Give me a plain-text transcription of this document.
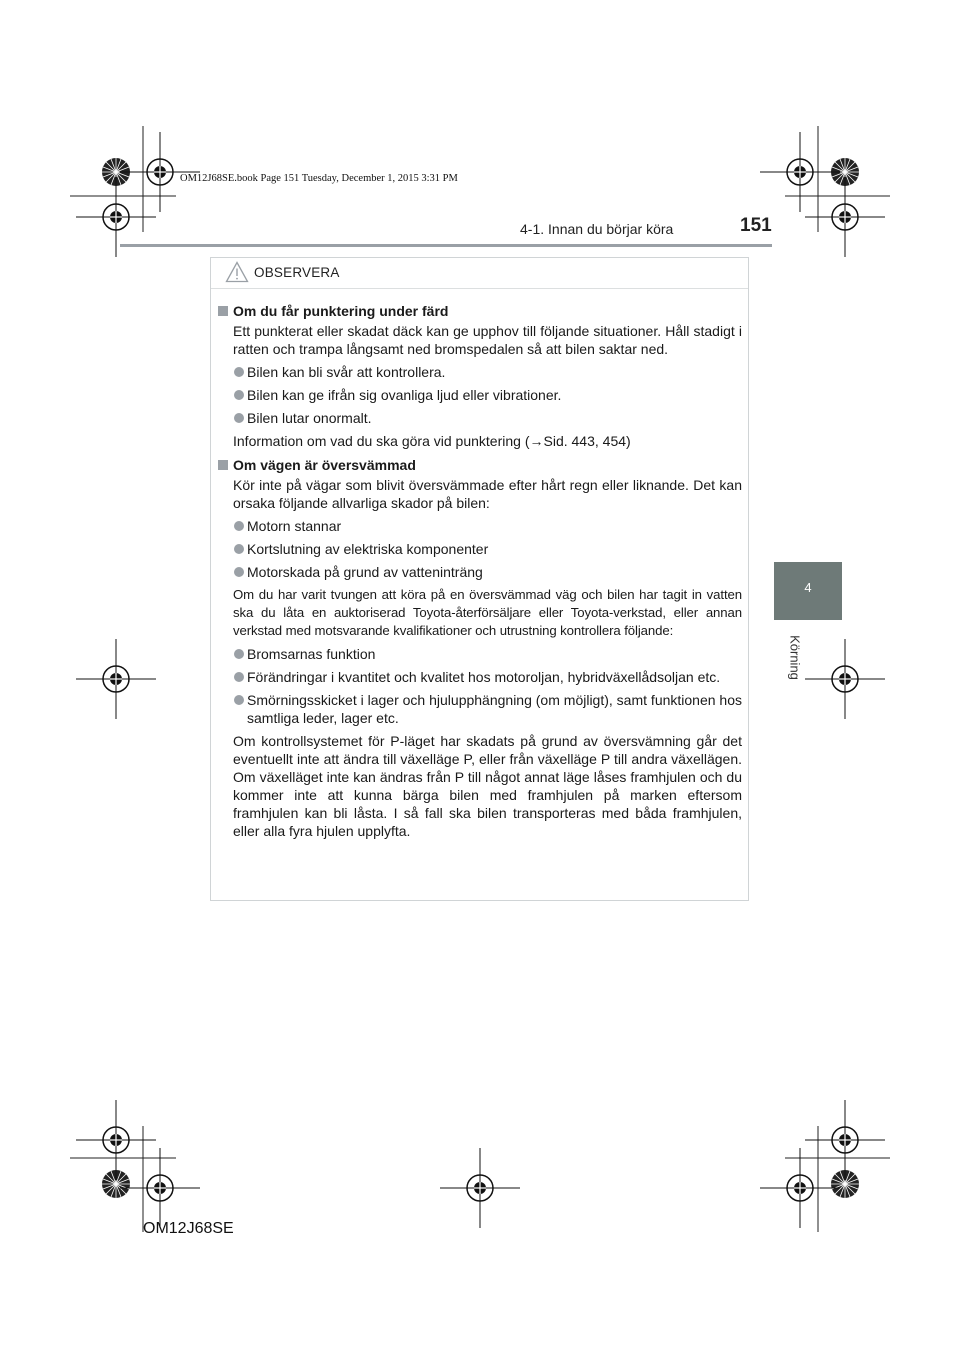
OM12J68SE.book Page 151 Tuesday, December 1, 2015 3:31 PM
4-1. Innan du börjar köra	151
4
Körning
OBSERVERA
Om du får punktering under färd
Ett punkterat eller skadat däck kan ge upphov till följande situationer. Håll stadigt i ratten och trampa långsamt ned bromspedalen så att bilen saktar ned.
Bilen kan bli svår att kontrollera.
Bilen kan ge ifrån sig ovanliga ljud eller vibrationer.
Bilen lutar onormalt.
Information om vad du ska göra vid punktering (→Sid. 443, 454)
Om vägen är översvämmad
Kör inte på vägar som blivit översvämmade efter hårt regn eller liknande. Det kan orsaka följande allvarliga skador på bilen:
Motorn stannar
Kortslutning av elektriska komponenter
Motorskada på grund av vatteninträng
Om du har varit tvungen att köra på en översvämmad väg och bilen har tagit in vatten ska du låta en auktoriserad Toyota-återförsäljare eller Toyota-verkstad, eller annan verkstad med motsvarande kvalifikationer och utrustning kontrollera följande:
Bromsarnas funktion
Förändringar i kvantitet och kvalitet hos motoroljan, hybridväxellådsoljan etc.
Smörningsskicket i lager och hjulupphängning (om möjligt), samt funktionen hos samtliga leder, lager etc.
Om kontrollsystemet för P-läget har skadats på grund av översvämning går det eventuellt inte att ändra till växelläge P, eller från växelläge P till andra växellägen. Om växelläget inte kan ändras från P till något annat läge låses framhjulen och du kommer inte att kunna bärga bilen med framhjulen på marken eftersom framhjulen kan bli låsta. I så fall ska bilen transporteras med båda framhjulen, eller alla fyra hjulen upplyfta.
OM12J68SE
